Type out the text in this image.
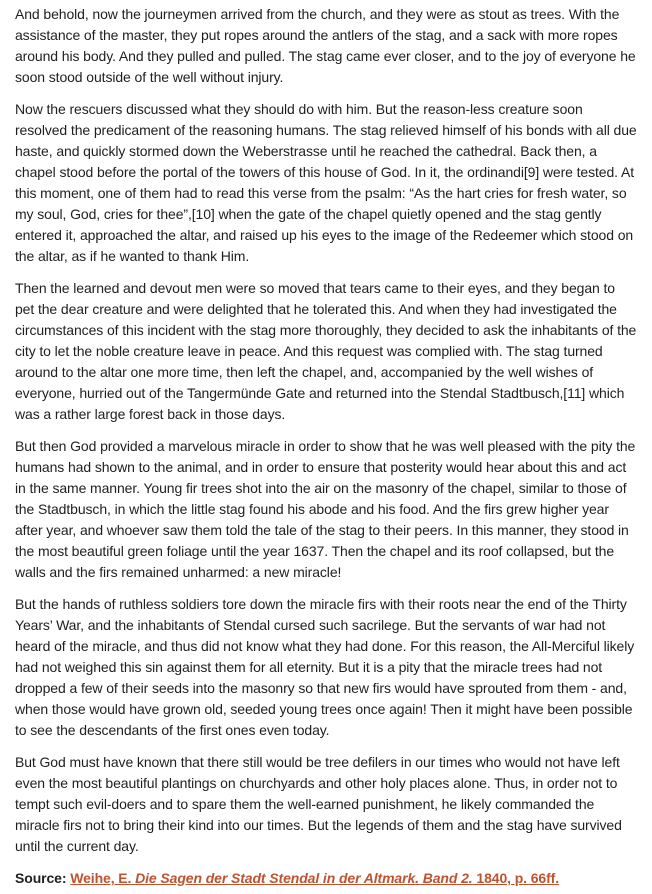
And behold, now the journeymen arrived from the church, and they were as stout as trees. With the assistance of the master, they put ropes around the antlers of the stag, and a sack with more ropes around his body. And they pulled and pulled. The stag came ever closer, and to the joy of everyone he soon stood outside of the well without injury.

Now the rescuers discussed what they should do with him. But the reason-less creature soon resolved the predicament of the reasoning humans. The stag relieved himself of his bonds with all due haste, and quickly stormed down the Weberstrasse until he reached the cathedral. Back then, a chapel stood before the portal of the towers of this house of God. In it, the ordinandi[9] were tested. At this moment, one of them had to read this verse from the psalm: “As the hart cries for fresh water, so my soul, God, cries for thee”,[10] when the gate of the chapel quietly opened and the stag gently entered it, approached the altar, and raised up his eyes to the image of the Redeemer which stood on the altar, as if he wanted to thank Him.

Then the learned and devout men were so moved that tears came to their eyes, and they began to pet the dear creature and were delighted that he tolerated this. And when they had investigated the circumstances of this incident with the stag more thoroughly, they decided to ask the inhabitants of the city to let the noble creature leave in peace. And this request was complied with. The stag turned around to the altar one more time, then left the chapel, and, accompanied by the well wishes of everyone, hurried out of the Tangermünde Gate and returned into the Stendal Stadtbusch,[11] which was a rather large forest back in those days.

But then God provided a marvelous miracle in order to show that he was well pleased with the pity the humans had shown to the animal, and in order to ensure that posterity would hear about this and act in the same manner. Young fir trees shot into the air on the masonry of the chapel, similar to those of the Stadtbusch, in which the little stag found his abode and his food. And the firs grew higher year after year, and whoever saw them told the tale of the stag to their peers. In this manner, they stood in the most beautiful green foliage until the year 1637. Then the chapel and its roof collapsed, but the walls and the firs remained unharmed: a new miracle!

But the hands of ruthless soldiers tore down the miracle firs with their roots near the end of the Thirty Years’ War, and the inhabitants of Stendal cursed such sacrilege. But the servants of war had not heard of the miracle, and thus did not know what they had done. For this reason, the All-Merciful likely had not weighed this sin against them for all eternity. But it is a pity that the miracle trees had not dropped a few of their seeds into the masonry so that new firs would have sprouted from them - and, when those would have grown old, seeded young trees once again! Then it might have been possible to see the descendants of the first ones even today.

But God must have known that there still would be tree defilers in our times who would not have left even the most beautiful plantings on churchyards and other holy places alone. Thus, in order not to tempt such evil-doers and to spare them the well-earned punishment, he likely commanded the miracle firs not to bring their kind into our times. But the legends of them and the stag have survived until the current day.

Source: Weihe, E. Die Sagen der Stadt Stendal in der Altmark. Band 2. 1840, p. 66ff.
